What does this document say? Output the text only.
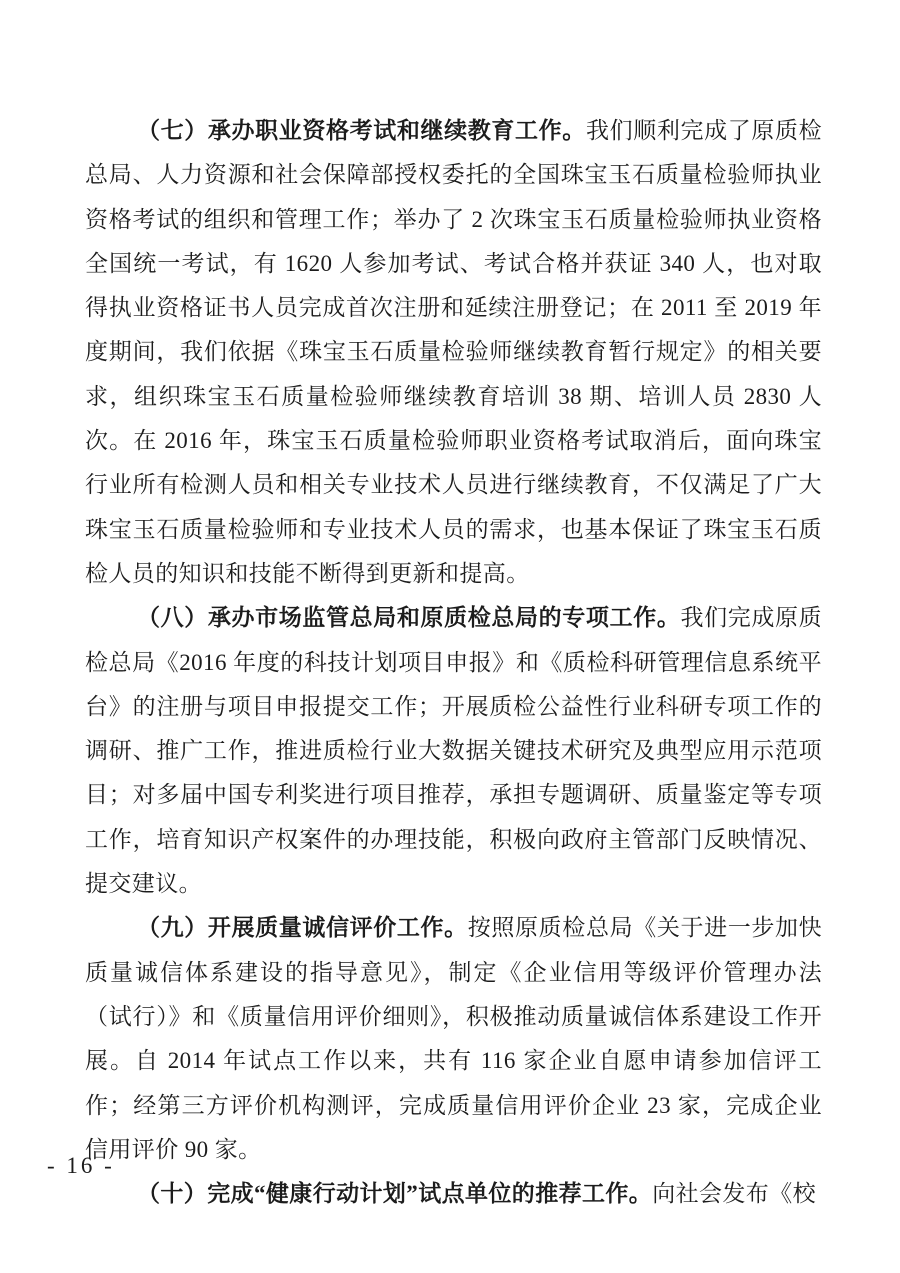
（七）承办职业资格考试和继续教育工作。我们顺利完成了原质检总局、人力资源和社会保障部授权委托的全国珠宝玉石质量检验师执业资格考试的组织和管理工作；举办了 2 次珠宝玉石质量检验师执业资格全国统一考试，有 1620 人参加考试、考试合格并获证 340 人，也对取得执业资格证书人员完成首次注册和延续注册登记；在 2011 至 2019 年度期间，我们依据《珠宝玉石质量检验师继续教育暂行规定》的相关要求，组织珠宝玉石质量检验师继续教育培训 38 期、培训人员 2830 人次。在 2016 年，珠宝玉石质量检验师职业资格考试取消后，面向珠宝行业所有检测人员和相关专业技术人员进行继续教育，不仅满足了广大珠宝玉石质量检验师和专业技术人员的需求，也基本保证了珠宝玉石质检人员的知识和技能不断得到更新和提高。

（八）承办市场监管总局和原质检总局的专项工作。我们完成原质检总局《2016 年度的科技计划项目申报》和《质检科研管理信息系统平台》的注册与项目申报提交工作；开展质检公益性行业科研专项工作的调研、推广工作，推进质检行业大数据关键技术研究及典型应用示范项目；对多届中国专利奖进行项目推荐，承担专题调研、质量鉴定等专项工作，培育知识产权案件的办理技能，积极向政府主管部门反映情况、提交建议。

（九）开展质量诚信评价工作。按照原质检总局《关于进一步加快质量诚信体系建设的指导意见》，制定《企业信用等级评价管理办法（试行）》和《质量信用评价细则》，积极推动质量诚信体系建设工作开展。自 2014 年试点工作以来，共有 116 家企业自愿申请参加信评工作；经第三方评价机构测评，完成质量信用评价企业 23 家，完成企业信用评价 90 家。

（十）完成“健康行动计划”试点单位的推荐工作。向社会发布《校

- 16 -
